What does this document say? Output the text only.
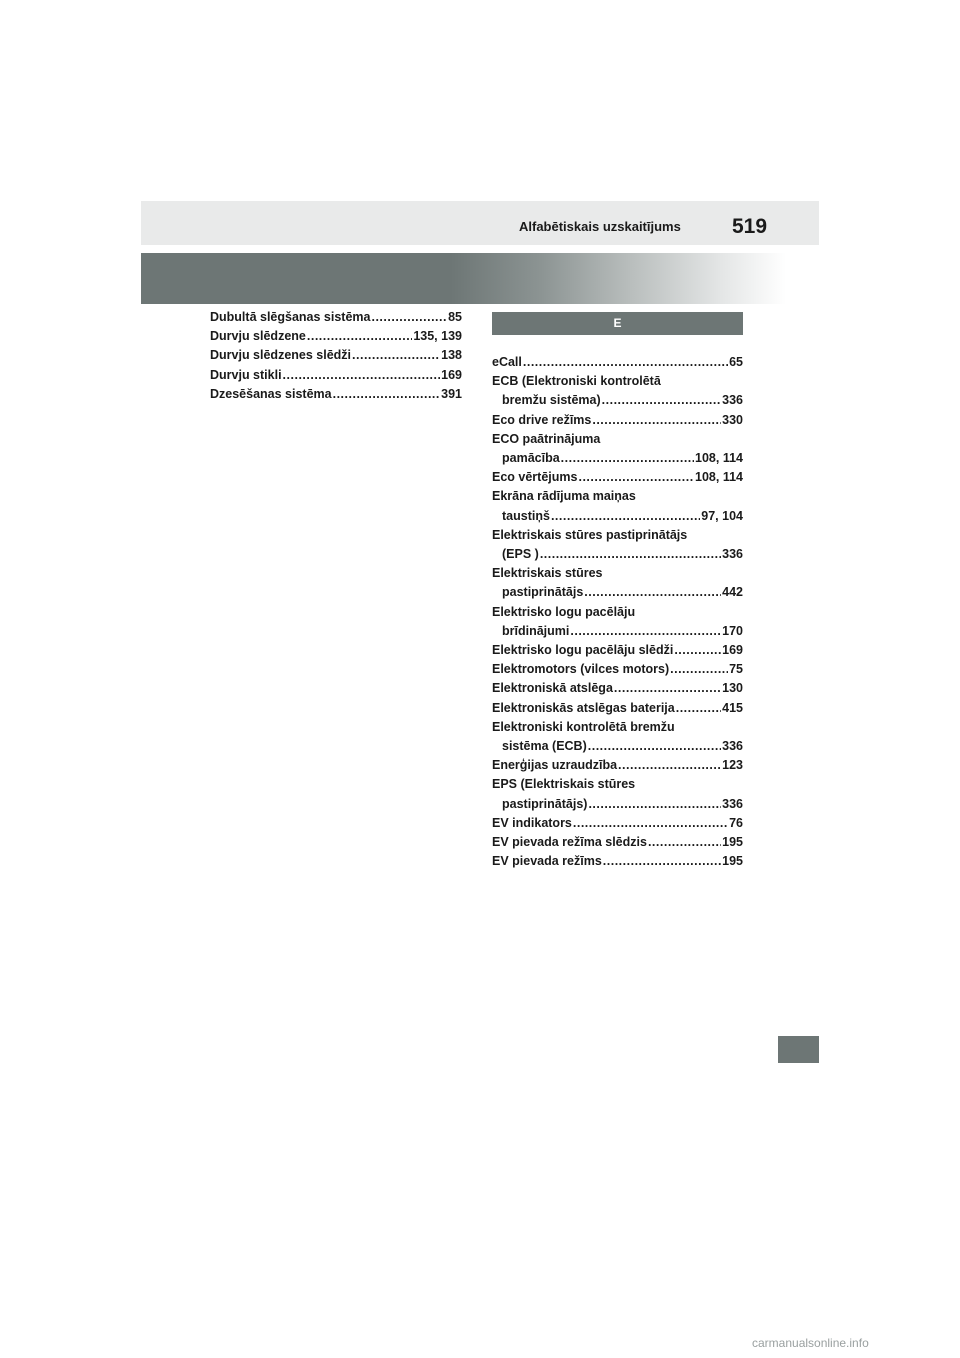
Alfabētiskais uzskaitījums 519
Dubultā slēgšanas sistēma .....	85
Durvju slēdzene .....	135, 139
Durvju slēdzenes slēdži .....	138
Durvju stikli .....	169
Dzesēšanas sistēma .....	391
E
eCall .....	65
ECB (Elektroniski kontrolētā
bremžu sistēma) .....	336
Eco drive režīms .....	330
ECO paātrinājuma
pamācība .....	108, 114
Eco vērtējums .....	108, 114
Ekrāna rādījuma maiņas
taustiņš .....	97, 104
Elektriskais stūres pastiprinātājs
(EPS ) .....	336
Elektriskais stūres
pastiprinātājs .....	442
Elektrisko logu pacēlāju
brīdinājumi .....	170
Elektrisko logu pacēlāju slēdži .....	169
Elektromotors (vilces motors) .....	75
Elektroniskā atslēga .....	130
Elektroniskās atslēgas baterija .....	415
Elektroniski kontrolētā bremžu
sistēma (ECB) .....	336
Enerģijas uzraudzība .....	123
EPS (Elektriskais stūres
pastiprinātājs) .....	336
EV indikators .....	76
EV pievada režīma slēdzis .....	195
EV pievada režīms .....	195
carmanualsonline.info
